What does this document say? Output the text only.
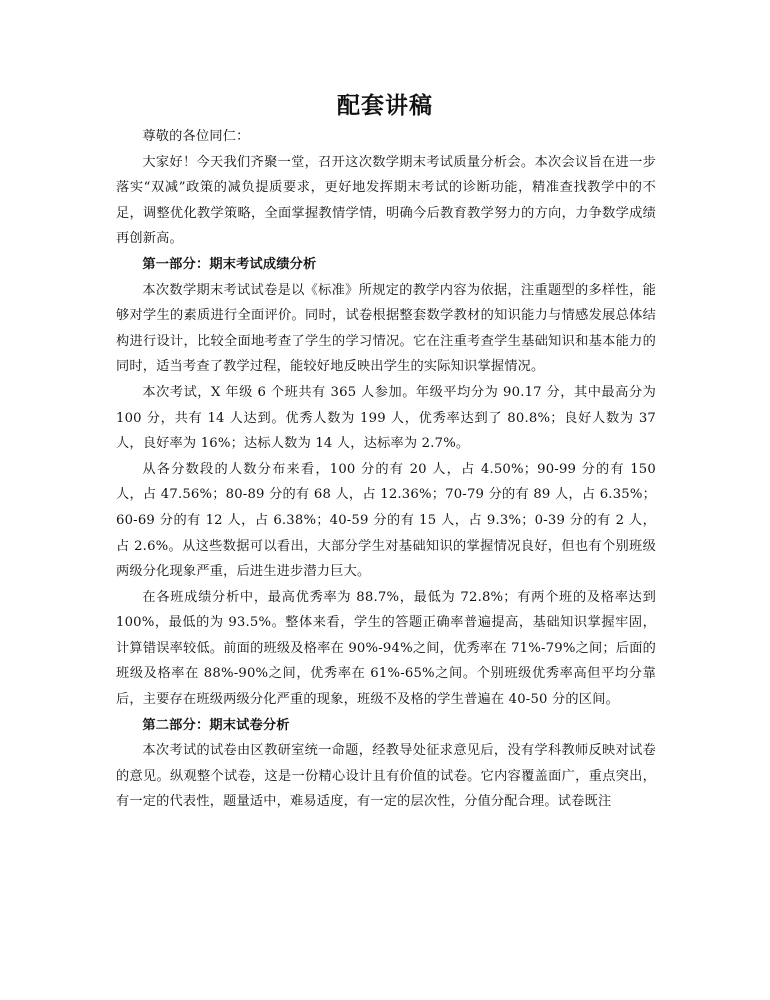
配套讲稿

尊敬的各位同仁：

大家好！今天我们齐聚一堂，召开这次数学期末考试质量分析会。本次会议旨在进一步落实“双减”政策的减负提质要求，更好地发挥期末考试的诊断功能，精准查找教学中的不足，调整优化教学策略，全面掌握教情学情，明确今后教育教学努力的方向，力争数学成绩再创新高。

第一部分：期末考试成绩分析

本次数学期末考试试卷是以《标准》所规定的教学内容为依据，注重题型的多样性，能够对学生的素质进行全面评价。同时，试卷根据整套数学教材的知识能力与情感发展总体结构进行设计，比较全面地考查了学生的学习情况。它在注重考查学生基础知识和基本能力的同时，适当考查了教学过程，能较好地反映出学生的实际知识掌握情况。

本次考试，X 年级 6 个班共有 365 人参加。年级平均分为 90.17 分，其中最高分为 100 分，共有 14 人达到。优秀人数为 199 人，优秀率达到了 80.8%；良好人数为 37 人，良好率为 16%；达标人数为 14 人，达标率为 2.7%。

从各分数段的人数分布来看，100 分的有 20 人，占 4.50%；90-99 分的有 150 人，占 47.56%；80-89 分的有 68 人，占 12.36%；70-79 分的有 89 人，占 6.35%；60-69 分的有 12 人，占 6.38%；40-59 分的有 15 人，占 9.3%；0-39 分的有 2 人，占 2.6%。从这些数据可以看出，大部分学生对基础知识的掌握情况良好，但也有个别班级两级分化现象严重，后进生进步潜力巨大。

在各班成绩分析中，最高优秀率为 88.7%，最低为 72.8%；有两个班的及格率达到 100%，最低的为 93.5%。整体来看，学生的答题正确率普遍提高，基础知识掌握牢固，计算错误率较低。前面的班级及格率在 90%-94%之间，优秀率在 71%-79%之间；后面的班级及格率在 88%-90%之间，优秀率在 61%-65%之间。个别班级优秀率高但平均分靠后，主要存在班级两级分化严重的现象，班级不及格的学生普遍在 40-50 分的区间。

第二部分：期末试卷分析

本次考试的试卷由区教研室统一命题，经教导处征求意见后，没有学科教师反映对试卷的意见。纵观整个试卷，这是一份精心设计且有价值的试卷。它内容覆盖面广，重点突出，有一定的代表性，题量适中，难易适度，有一定的层次性，分值分配合理。试卷既注
